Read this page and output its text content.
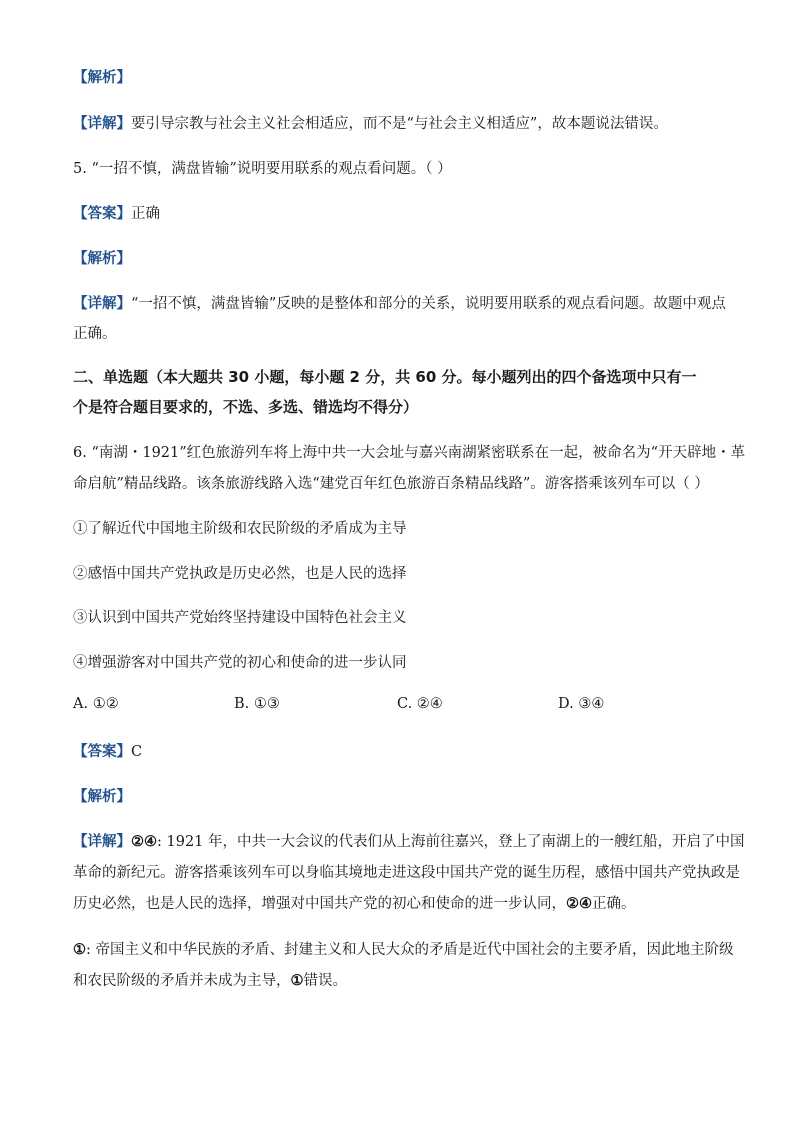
【解析】
【详解】要引导宗教与社会主义社会相适应，而不是“与社会主义相适应”，故本题说法错误。
5. “一招不慎，满盘皆输”说明要用联系的观点看问题。（ ）
【答案】正确
【解析】
【详解】“一招不慎，满盘皆输”反映的是整体和部分的关系，说明要用联系的观点看问题。故题中观点
正确。
二、单选题（本大题共 30 小题，每小题 2 分，共 60 分。每小题列出的四个备选项中只有一
个是符合题目要求的，不选、多选、错选均不得分）
6. “南湖・1921”红色旅游列车将上海中共一大会址与嘉兴南湖紧密联系在一起，被命名为“开天辟地・革
命启航”精品线路。该条旅游线路入选“建党百年红色旅游百条精品线路”。游客搭乘该列车可以（ ）
①了解近代中国地主阶级和农民阶级的矛盾成为主导
②感悟中国共产党执政是历史必然，也是人民的选择
③认识到中国共产党始终坚持建设中国特色社会主义
④增强游客对中国共产党的初心和使命的进一步认同
A. ①②	B. ①③	C. ②④	D. ③④
【答案】C
【解析】
【详解】②④: 1921 年，中共一大会议的代表们从上海前往嘉兴，登上了南湖上的一艘红船，开启了中国
革命的新纪元。游客搭乘该列车可以身临其境地走进这段中国共产党的诞生历程，感悟中国共产党执政是
历史必然，也是人民的选择，增强对中国共产党的初心和使命的进一步认同，②④正确。
①: 帝国主义和中华民族的矛盾、封建主义和人民大众的矛盾是近代中国社会的主要矛盾，因此地主阶级
和农民阶级的矛盾并未成为主导，①错误。
